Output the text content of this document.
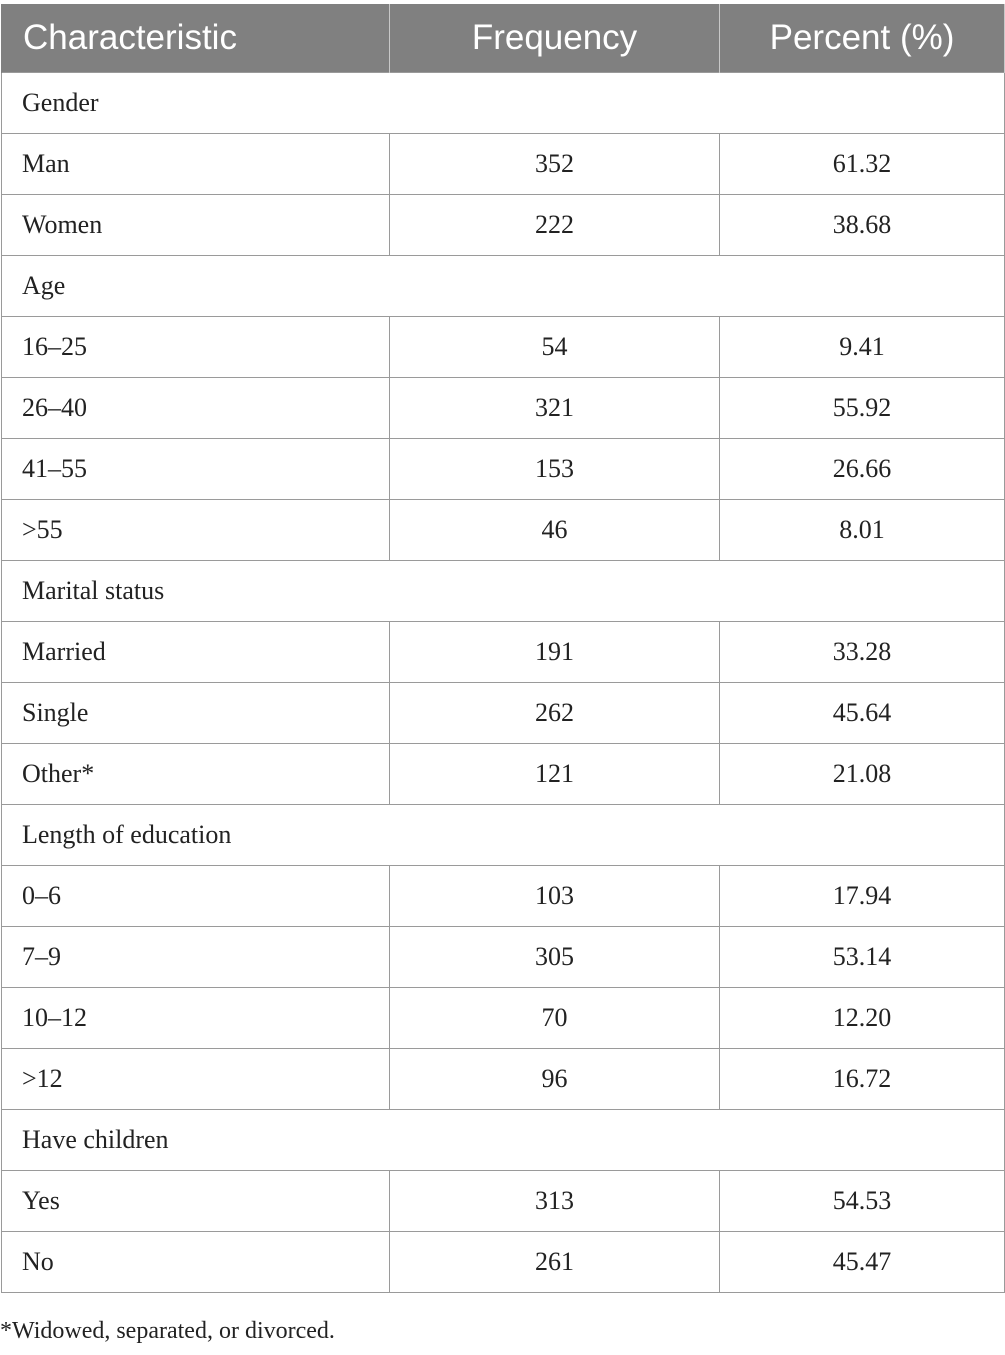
Characteristic	Frequency	Percent (%)
Gender		
Man	352	61.32
Women	222	38.68
Age		
16–25	54	9.41
26–40	321	55.92
41–55	153	26.66
>55	46	8.01
Marital status		
Married	191	33.28
Single	262	45.64
Other*	121	21.08
Length of education		
0–6	103	17.94
7–9	305	53.14
10–12	70	12.20
>12	96	16.72
Have children		
Yes	313	54.53
No	261	45.47
*Widowed, separated, or divorced.
